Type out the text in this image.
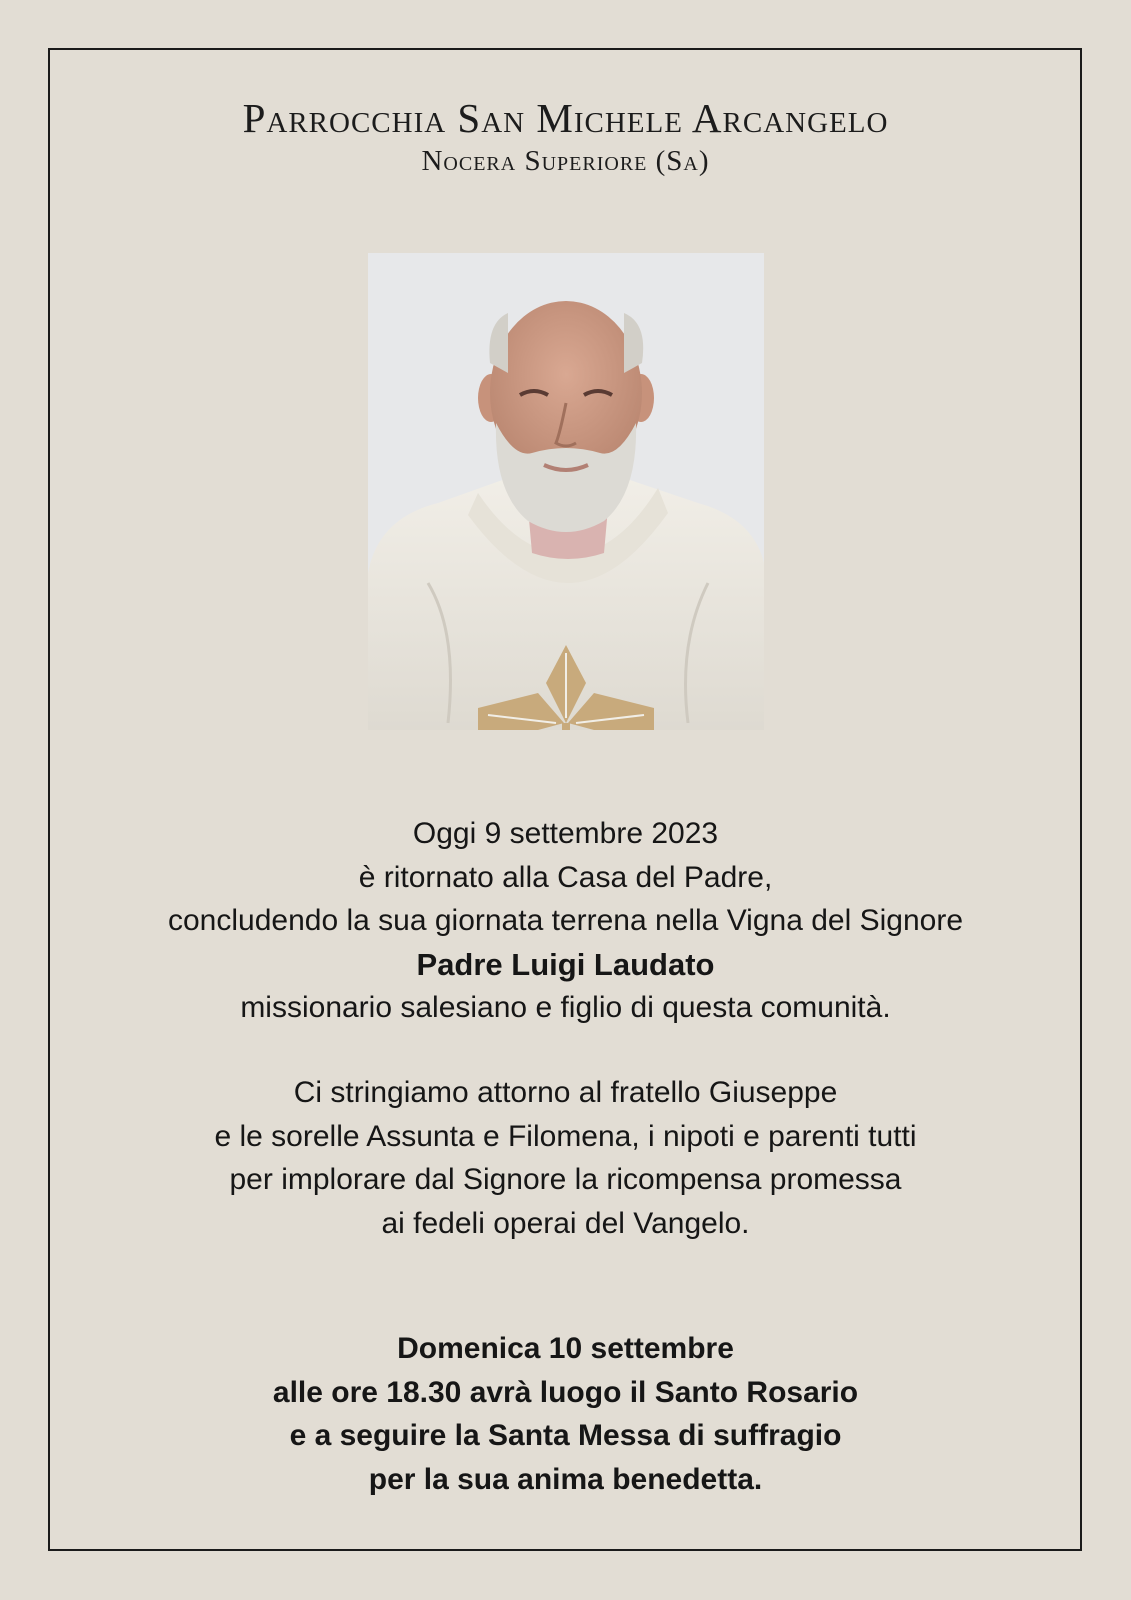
Parrocchia San Michele Arcangelo
Nocera Superiore (Sa)
Oggi 9 settembre 2023
è ritornato alla Casa del Padre,
concludendo la sua giornata terrena nella Vigna del Signore
Padre Luigi Laudato
missionario salesiano e figlio di questa comunità.
Ci stringiamo attorno al fratello Giuseppe
e le sorelle Assunta e Filomena, i nipoti e parenti tutti
per implorare dal Signore la ricompensa promessa
ai fedeli operai del Vangelo.
Domenica 10 settembre
alle ore 18.30 avrà luogo il Santo Rosario
e a seguire la Santa Messa di suffragio
per la sua anima benedetta.
